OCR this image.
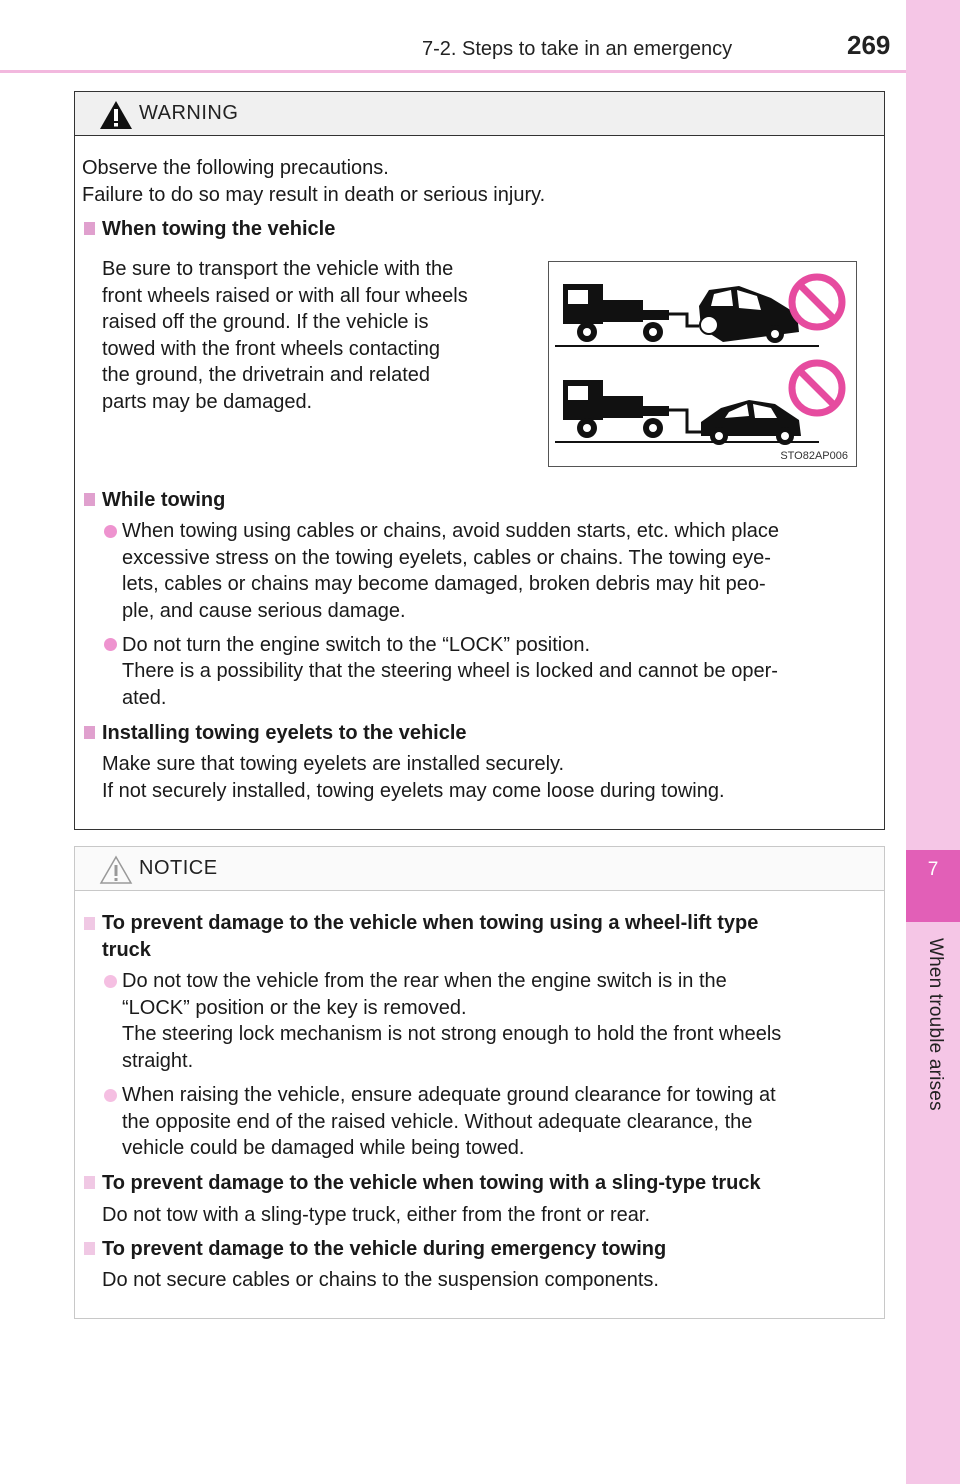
7
When trouble arises
7-2. Steps to take in an emergency	269
WARNING
Observe the following precautions.
Failure to do so may result in death or serious injury.
When towing the vehicle
Be sure to transport the vehicle with the
front wheels raised or with all four wheels
raised off the ground. If the vehicle is
towed with the front wheels contacting
the ground, the drivetrain and related
parts may be damaged.
STO82AP006
While towing
When towing using cables or chains, avoid sudden starts, etc. which place
excessive stress on the towing eyelets, cables or chains. The towing eye-
lets, cables or chains may become damaged, broken debris may hit peo-
ple, and cause serious damage.
Do not turn the engine switch to the “LOCK” position.
There is a possibility that the steering wheel is locked and cannot be oper-
ated.
Installing towing eyelets to the vehicle
Make sure that towing eyelets are installed securely.
If not securely installed, towing eyelets may come loose during towing.
NOTICE
To prevent damage to the vehicle when towing using a wheel-lift type
truck
Do not tow the vehicle from the rear when the engine switch is in the
“LOCK” position or the key is removed.
The steering lock mechanism is not strong enough to hold the front wheels
straight.
When raising the vehicle, ensure adequate ground clearance for towing at
the opposite end of the raised vehicle. Without adequate clearance, the
vehicle could be damaged while being towed.
To prevent damage to the vehicle when towing with a sling-type truck
Do not tow with a sling-type truck, either from the front or rear.
To prevent damage to the vehicle during emergency towing
Do not secure cables or chains to the suspension components.
